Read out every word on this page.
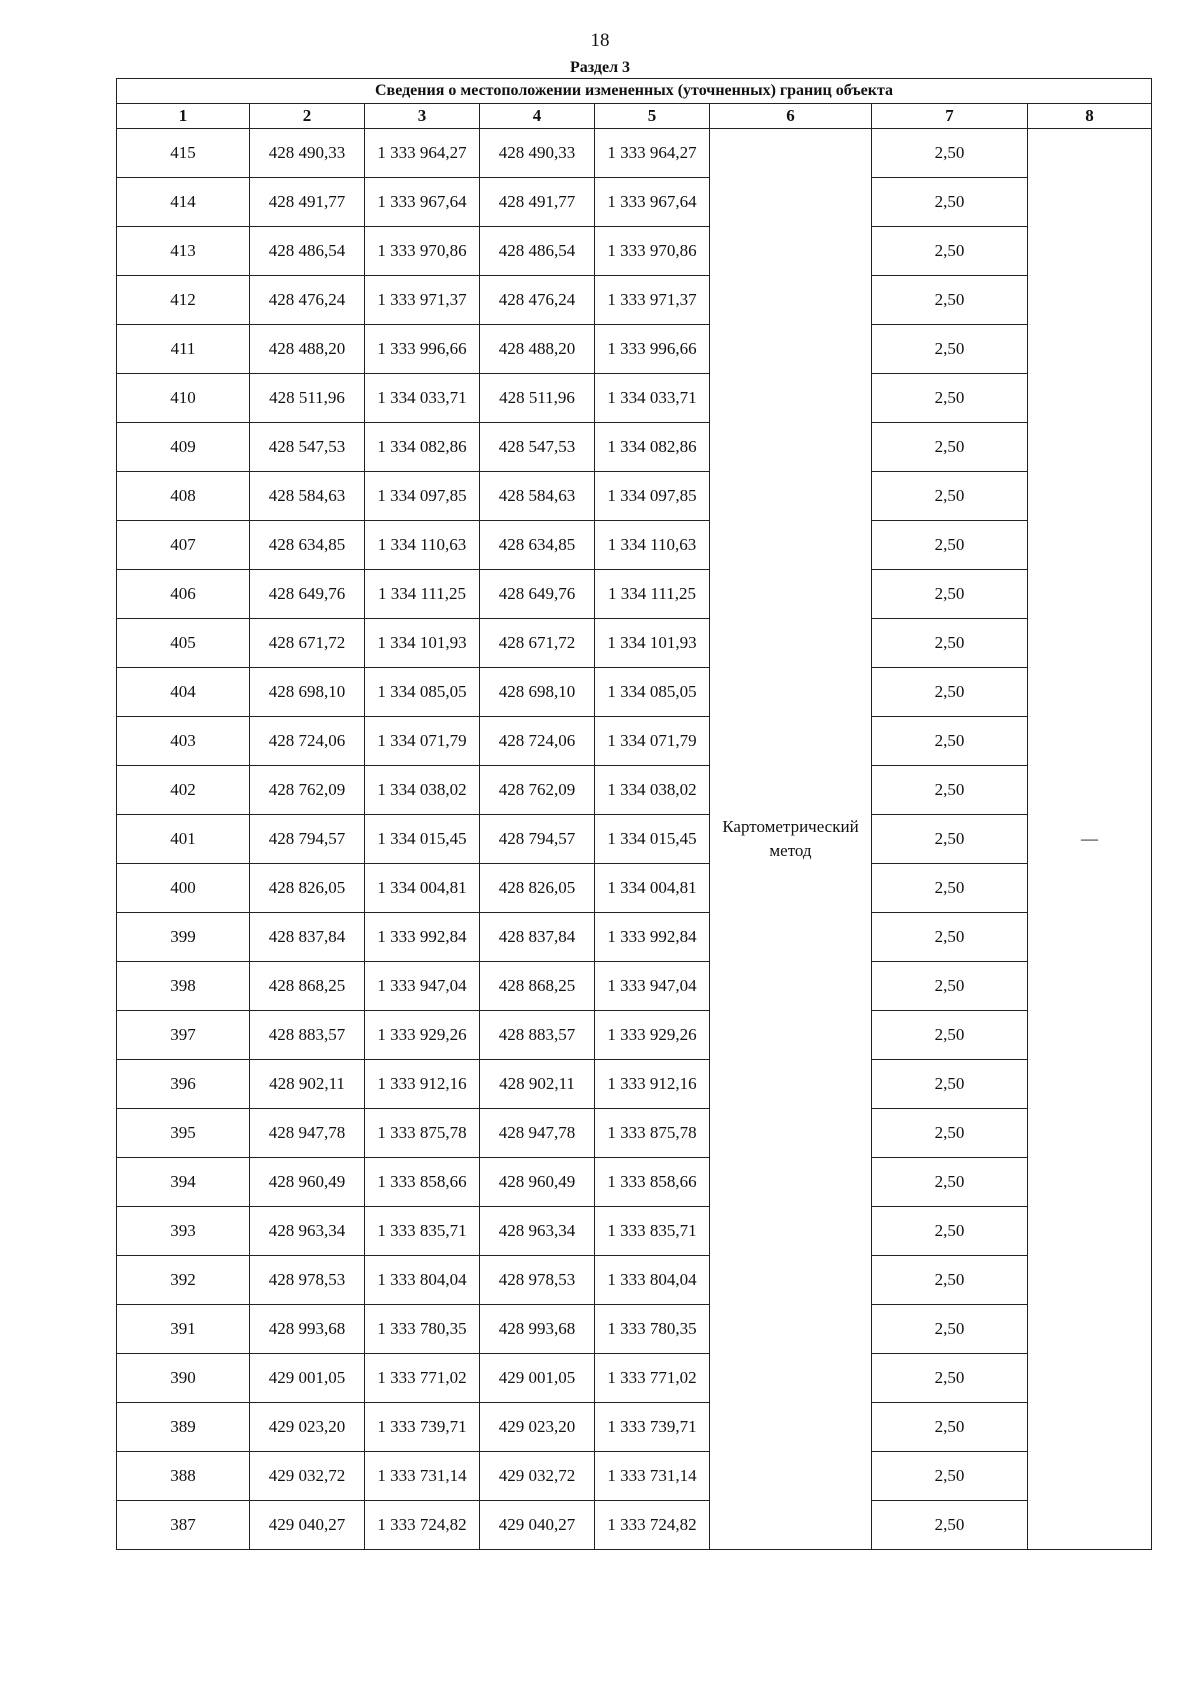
18
Раздел 3
Сведения о местоположении измененных (уточненных) границ объекта							
1	2	3	4	5	6	7	8
415	428 490,33	1 333 964,27	428 490,33	1 333 964,27	Картометрический метод	2,50	—
414	428 491,77	1 333 967,64	428 491,77	1 333 967,64		2,50	
413	428 486,54	1 333 970,86	428 486,54	1 333 970,86		2,50	
412	428 476,24	1 333 971,37	428 476,24	1 333 971,37		2,50	
411	428 488,20	1 333 996,66	428 488,20	1 333 996,66		2,50	
410	428 511,96	1 334 033,71	428 511,96	1 334 033,71		2,50	
409	428 547,53	1 334 082,86	428 547,53	1 334 082,86		2,50	
408	428 584,63	1 334 097,85	428 584,63	1 334 097,85		2,50	
407	428 634,85	1 334 110,63	428 634,85	1 334 110,63		2,50	
406	428 649,76	1 334 111,25	428 649,76	1 334 111,25		2,50	
405	428 671,72	1 334 101,93	428 671,72	1 334 101,93		2,50	
404	428 698,10	1 334 085,05	428 698,10	1 334 085,05		2,50	
403	428 724,06	1 334 071,79	428 724,06	1 334 071,79		2,50	
402	428 762,09	1 334 038,02	428 762,09	1 334 038,02		2,50	
401	428 794,57	1 334 015,45	428 794,57	1 334 015,45		2,50	
400	428 826,05	1 334 004,81	428 826,05	1 334 004,81		2,50	
399	428 837,84	1 333 992,84	428 837,84	1 333 992,84		2,50	
398	428 868,25	1 333 947,04	428 868,25	1 333 947,04		2,50	
397	428 883,57	1 333 929,26	428 883,57	1 333 929,26		2,50	
396	428 902,11	1 333 912,16	428 902,11	1 333 912,16		2,50	
395	428 947,78	1 333 875,78	428 947,78	1 333 875,78		2,50	
394	428 960,49	1 333 858,66	428 960,49	1 333 858,66		2,50	
393	428 963,34	1 333 835,71	428 963,34	1 333 835,71		2,50	
392	428 978,53	1 333 804,04	428 978,53	1 333 804,04		2,50	
391	428 993,68	1 333 780,35	428 993,68	1 333 780,35		2,50	
390	429 001,05	1 333 771,02	429 001,05	1 333 771,02		2,50	
389	429 023,20	1 333 739,71	429 023,20	1 333 739,71		2,50	
388	429 032,72	1 333 731,14	429 032,72	1 333 731,14		2,50	
387	429 040,27	1 333 724,82	429 040,27	1 333 724,82		2,50	
